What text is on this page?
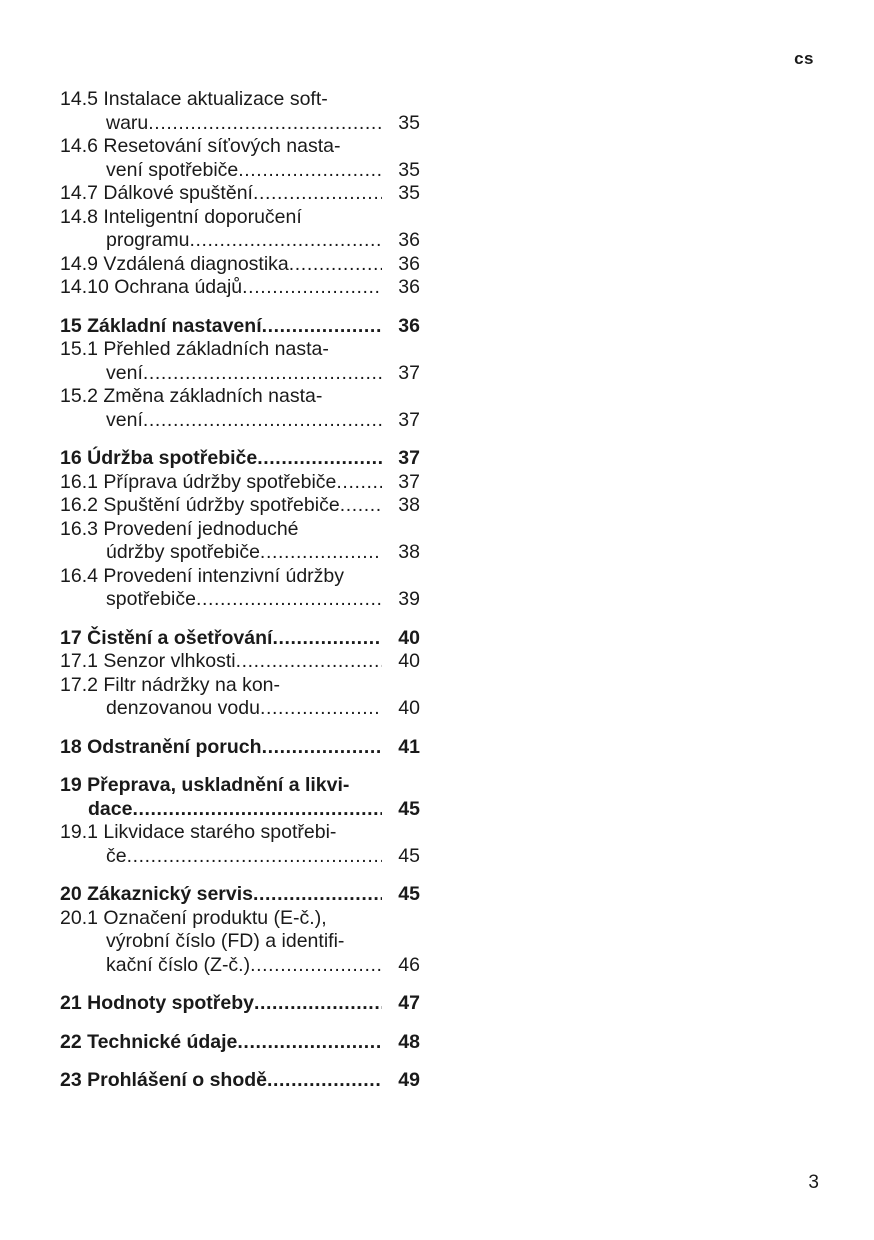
cs
14.5 Instalace aktualizace soft-
waru .....	35
14.6 Resetování síťových nasta-
vení spotřebiče .....	35
14.7 Dálkové spuštění .....	35
14.8 Inteligentní doporučení
programu .....	36
14.9 Vzdálená diagnostika .....	36
14.10 Ochrana údajů .....	36
15 Základní nastavení .....	36
15.1 Přehled základních nasta-
vení .....	37
15.2 Změna základních nasta-
vení .....	37
16 Údržba spotřebiče .....	37
16.1 Příprava údržby spotřebiče .....	37
16.2 Spuštění údržby spotřebiče .....	38
16.3 Provedení jednoduché
údržby spotřebiče .....	38
16.4 Provedení intenzivní údržby
spotřebiče .....	39
17 Čistění a ošetřování .....	40
17.1 Senzor vlhkosti .....	40
17.2 Filtr nádržky na kon-
denzovanou vodu .....	40
18 Odstranění poruch .....	41
19 Přeprava, uskladnění a likvi-
dace .....	45
19.1 Likvidace starého spotřebi-
če .....	45
20 Zákaznický servis .....	45
20.1 Označení produktu (E-č.),
výrobní číslo (FD) a identifi-
kační číslo (Z-č.) .....	46
21 Hodnoty spotřeby .....	47
22 Technické údaje .....	48
23 Prohlášení o shodě .....	49
3
